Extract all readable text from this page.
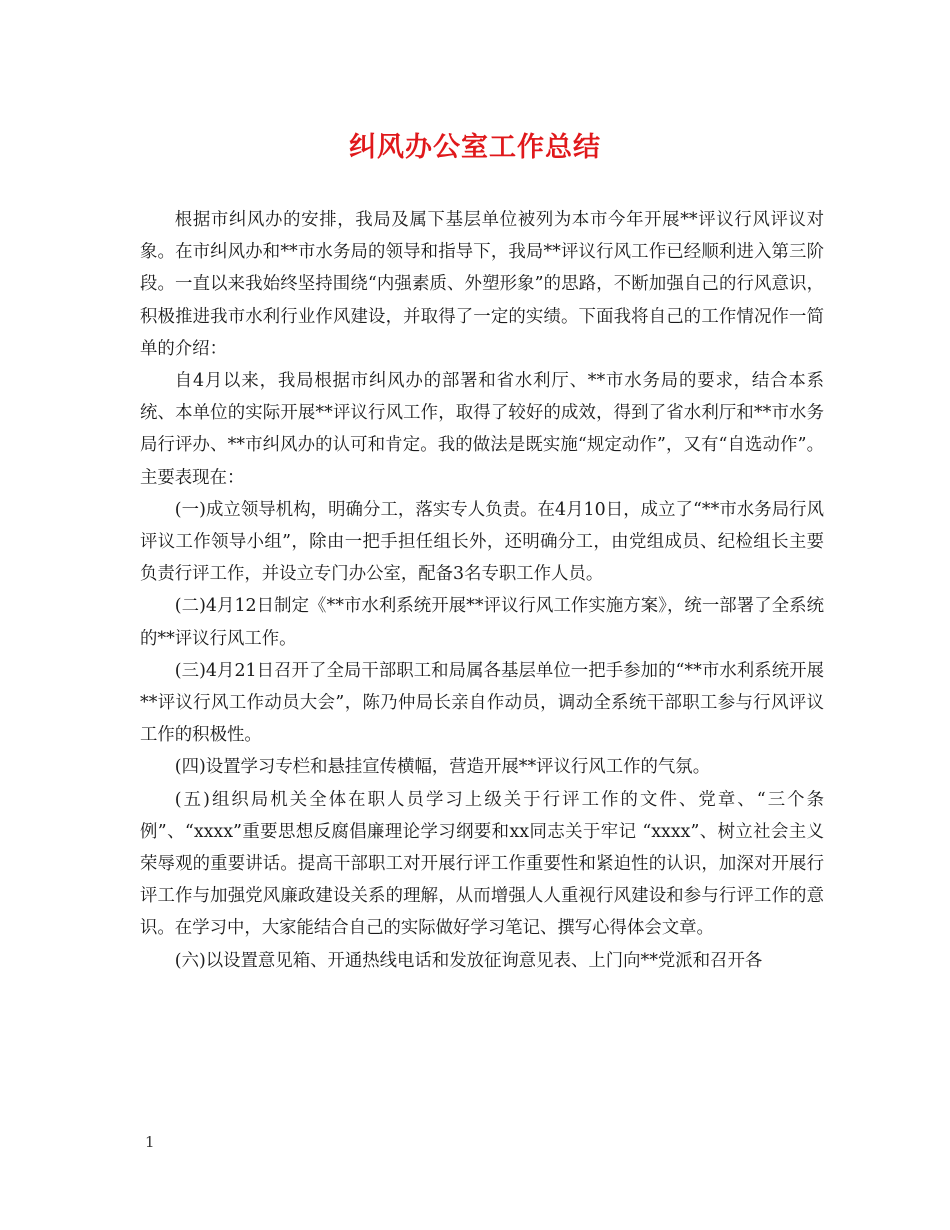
纠风办公室工作总结

根据市纠风办的安排，我局及属下基层单位被列为本市今年开展**评议行风评议对象。在市纠风办和**市水务局的领导和指导下，我局**评议行风工作已经顺利进入第三阶段。一直以来我始终坚持围绕“内强素质、外塑形象”的思路，不断加强自己的行风意识，积极推进我市水利行业作风建设，并取得了一定的实绩。下面我将自己的工作情况作一简单的介绍：

自4月以来，我局根据市纠风办的部署和省水利厅、**市水务局的要求，结合本系统、本单位的实际开展**评议行风工作，取得了较好的成效，得到了省水利厅和**市水务局行评办、**市纠风办的认可和肯定。我的做法是既实施“规定动作”，又有“自选动作”。主要表现在：

(一)成立领导机构，明确分工，落实专人负责。在4月10日，成立了“**市水务局行风评议工作领导小组”，除由一把手担任组长外，还明确分工，由党组成员、纪检组长主要负责行评工作，并设立专门办公室，配备3名专职工作人员。

(二)4月12日制定《**市水利系统开展**评议行风工作实施方案》，统一部署了全系统的**评议行风工作。

(三)4月21日召开了全局干部职工和局属各基层单位一把手参加的“**市水利系统开展**评议行风工作动员大会”，陈乃仲局长亲自作动员，调动全系统干部职工参与行风评议工作的积极性。

(四)设置学习专栏和悬挂宣传横幅，营造开展**评议行风工作的气氛。

(五)组织局机关全体在职人员学习上级关于行评工作的文件、党章、“三个条例”、“xxxx”重要思想反腐倡廉理论学习纲要和xx同志关于牢记 “xxxx”、树立社会主义荣辱观的重要讲话。提高干部职工对开展行评工作重要性和紧迫性的认识，加深对开展行评工作与加强党风廉政建设关系的理解，从而增强人人重视行风建设和参与行评工作的意识。在学习中，大家能结合自己的实际做好学习笔记、撰写心得体会文章。

(六)以设置意见箱、开通热线电话和发放征询意见表、上门向**党派和召开各

1
